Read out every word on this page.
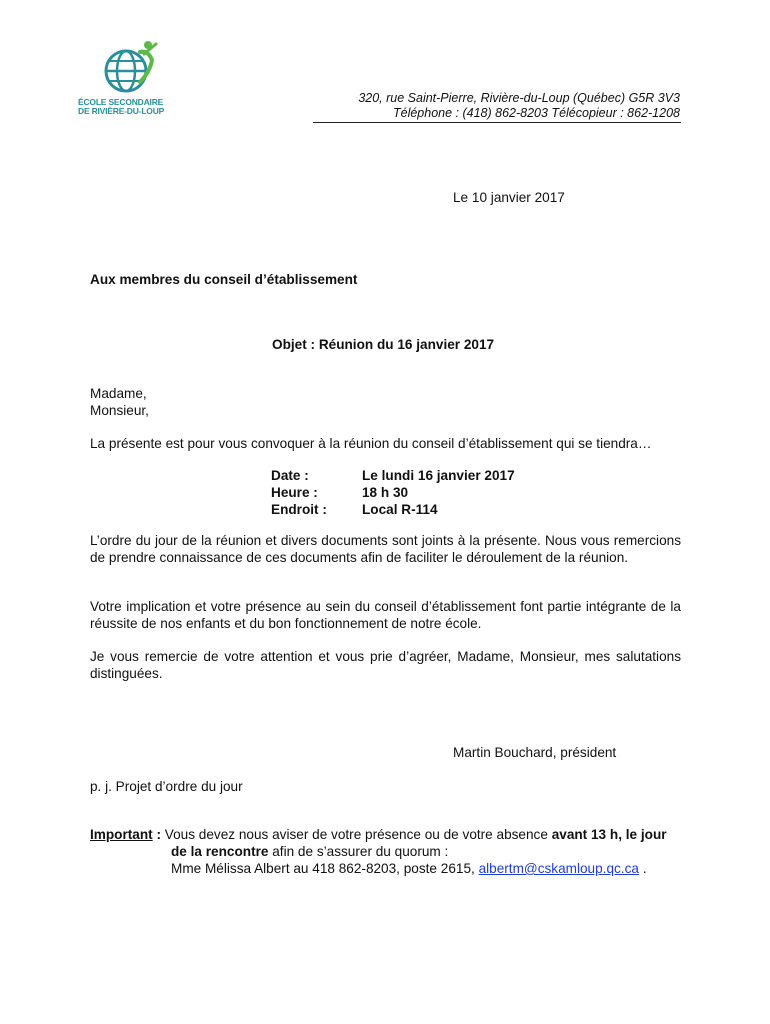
ÉCOLE SECONDAIRE
DE RIVIÈRE-DU-LOUP
320, rue Saint-Pierre, Rivière-du-Loup (Québec) G5R 3V3
Téléphone : (418) 862-8203 Télécopieur : 862-1208
Le 10 janvier 2017
Aux membres du conseil d’établissement
Objet : Réunion du 16 janvier 2017
Madame,
Monsieur,
La présente est pour vous convoquer à la réunion du conseil d’établissement qui se tiendra…
Date :	Le lundi 16 janvier 2017
Heure :	18 h 30
Endroit :	Local R-114
L’ordre du jour de la réunion et divers documents sont joints à la présente. Nous vous remercions de prendre connaissance de ces documents afin de faciliter le déroulement de la réunion.
Votre implication et votre présence au sein du conseil d’établissement font partie intégrante de la réussite de nos enfants et du bon fonctionnement de notre école.
Je vous remercie de votre attention et vous prie d’agréer, Madame, Monsieur, mes salutations distinguées.
Martin Bouchard, président
p. j. Projet d’ordre du jour
Important : Vous devez nous aviser de votre présence ou de votre absence avant 13 h, le jour
de la rencontre afin de s’assurer du quorum :
Mme Mélissa Albert au 418 862-8203, poste 2615, albertm@cskamloup.qc.ca .
